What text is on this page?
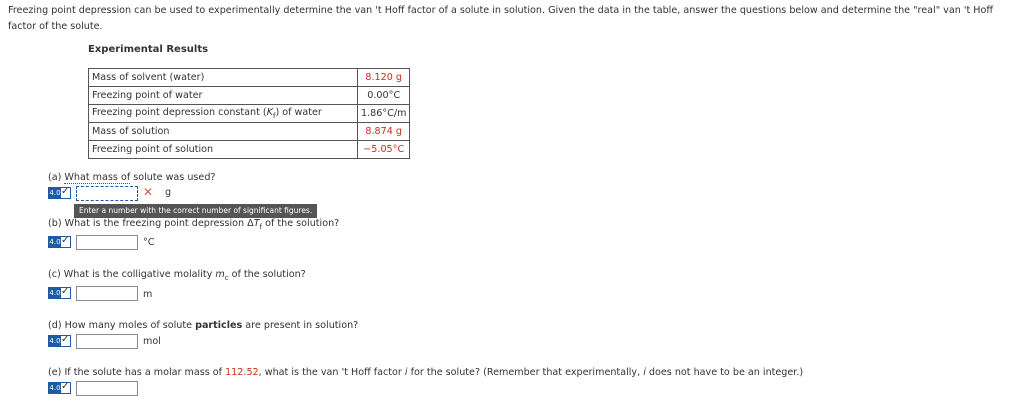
Freezing point depression can be used to experimentally determine the van 't Hoff factor of a solute in solution. Given the data in the table, answer the questions below and determine the "real" van 't Hoff factor of the solute.
Experimental Results
Mass of solvent (water)	8.120 g
Freezing point of water	0.00°C
Freezing point depression constant $(K_f)$ of water	1.86°C/m
Mass of solution	8.874 g
Freezing point of solution	−5.05°C
(a) What mass of solute was used?
4.0 ✓	✕ g
Enter a number with the correct number of significant figures.
(b) What is the freezing point depression $\Delta T_f$ of the solution?
4.0 ✓	°C
(c) What is the colligative molality $m_c$ of the solution?
4.0 ✓	m
(d) How many moles of solute particles are present in solution?
4.0 ✓	mol
(e) If the solute has a molar mass of 112.52, what is the van 't Hoff factor i for the solute? (Remember that experimentally, i does not have to be an integer.)
4.0 ✓
